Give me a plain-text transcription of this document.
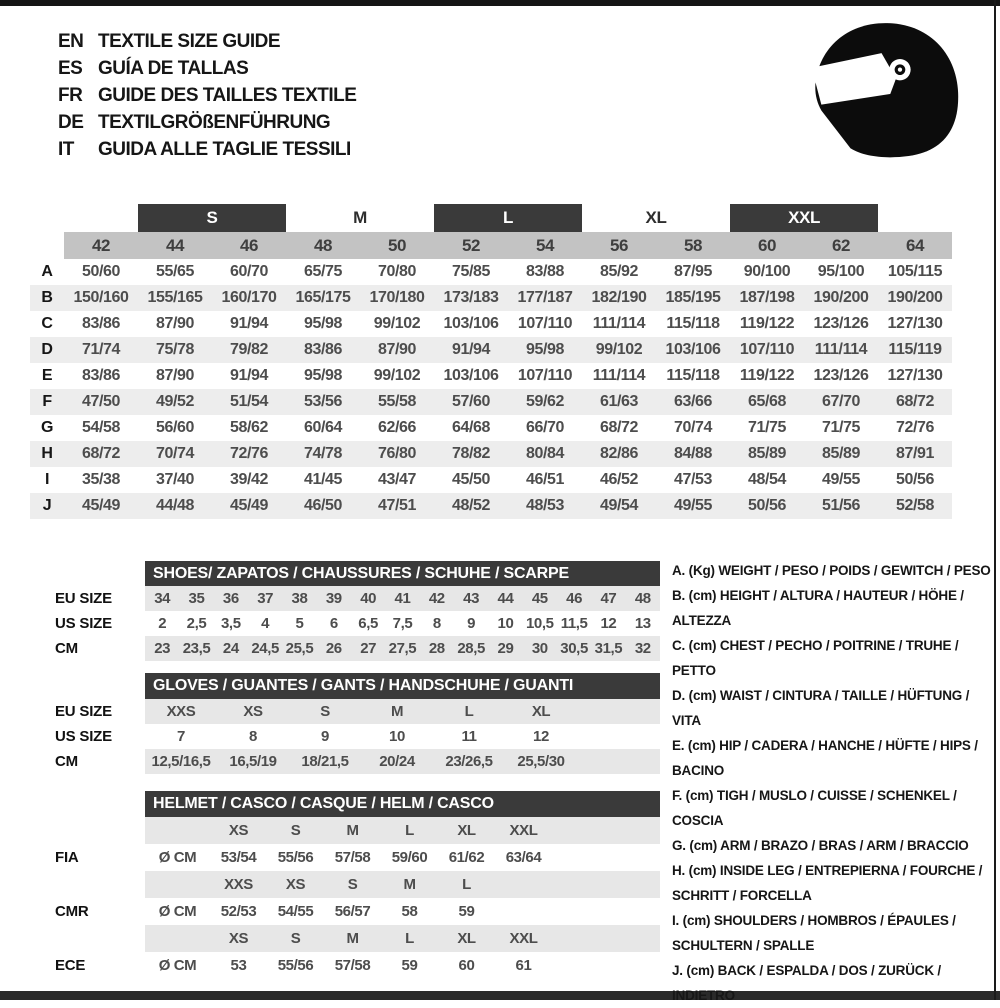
EN TEXTILE SIZE GUIDE
ES GUÍA DE TALLAS
FR GUIDE DES TAILLES TEXTILE
DE TEXTILGRÖßENFÜHRUNG
IT	GUIDA ALLE TAGLIE TESSILI
		S		M		L		XL		XXL		
	42	44	46	48	50	52	54	56	58	60	62	64
A	50/60	55/65	60/70	65/75	70/80	75/85	83/88	85/92	87/95	90/100	95/100	105/115
B	150/160	155/165	160/170	165/175	170/180	173/183	177/187	182/190	185/195	187/198	190/200	190/200
C	83/86	87/90	91/94	95/98	99/102	103/106	107/110	111/114	115/118	119/122	123/126	127/130
D	71/74	75/78	79/82	83/86	87/90	91/94	95/98	99/102	103/106	107/110	111/114	115/119
E	83/86	87/90	91/94	95/98	99/102	103/106	107/110	111/114	115/118	119/122	123/126	127/130
F	47/50	49/52	51/54	53/56	55/58	57/60	59/62	61/63	63/66	65/68	67/70	68/72
G	54/58	56/60	58/62	60/64	62/66	64/68	66/70	68/72	70/74	71/75	71/75	72/76
H	68/72	70/74	72/76	74/78	76/80	78/82	80/84	82/86	84/88	85/89	85/89	87/91
I	35/38	37/40	39/42	41/45	43/47	45/50	46/51	46/52	47/53	48/54	49/55	50/56
J	45/49	44/48	45/49	46/50	47/51	48/52	48/53	49/54	49/55	50/56	51/56	52/58
SHOES/ ZAPATOS / CHAUSSURES / SCHUHE / SCARPE
EU SIZE	34	35	36	37	38	39	40	41	42	43	44	45	46	47	48
US SIZE	2	2,5	3,5	4	5	6	6,5	7,5	8	9	10	10,5	11,5	12	13
CM	23	23,5	24	24,5	25,5	26	27	27,5	28	28,5	29	30	30,5	31,5	32
GLOVES / GUANTES / GANTS / HANDSCHUHE / GUANTI
EU SIZE	XXS	XS	S	M	L	XL	
US SIZE	7	8	9	10	11	12	
CM	12,5/16,5	16,5/19	18/21,5	20/24	23/26,5	25,5/30	
HELMET / CASCO / CASQUE / HELM / CASCO
		XS	S	M	L	XL	XXL	
FIA	Ø CM	53/54	55/56	57/58	59/60	61/62	63/64	
		XXS	XS	S	M	L		
CMR	Ø CM	52/53	54/55	56/57	58	59		
		XS	S	M	L	XL	XXL	
ECE	Ø CM	53	55/56	57/58	59	60	61	
A. (Kg) WEIGHT / PESO / POIDS / GEWITCH / PESO
B. (cm) HEIGHT / ALTURA / HAUTEUR / HÖHE / ALTEZZA
C. (cm) CHEST / PECHO / POITRINE / TRUHE / PETTO
D. (cm) WAIST / CINTURA / TAILLE / HÜFTUNG / VITA
E. (cm) HIP / CADERA / HANCHE / HÜFTE / HIPS / BACINO
F. (cm) TIGH / MUSLO / CUISSE / SCHENKEL / COSCIA
G. (cm) ARM / BRAZO / BRAS / ARM / BRACCIO
H. (cm) INSIDE LEG / ENTREPIERNA / FOURCHE / SCHRITT / FORCELLA
I. (cm) SHOULDERS / HOMBROS / ÉPAULES / SCHULTERN / SPALLE
J. (cm) BACK / ESPALDA / DOS / ZURÜCK / INDIETRO
